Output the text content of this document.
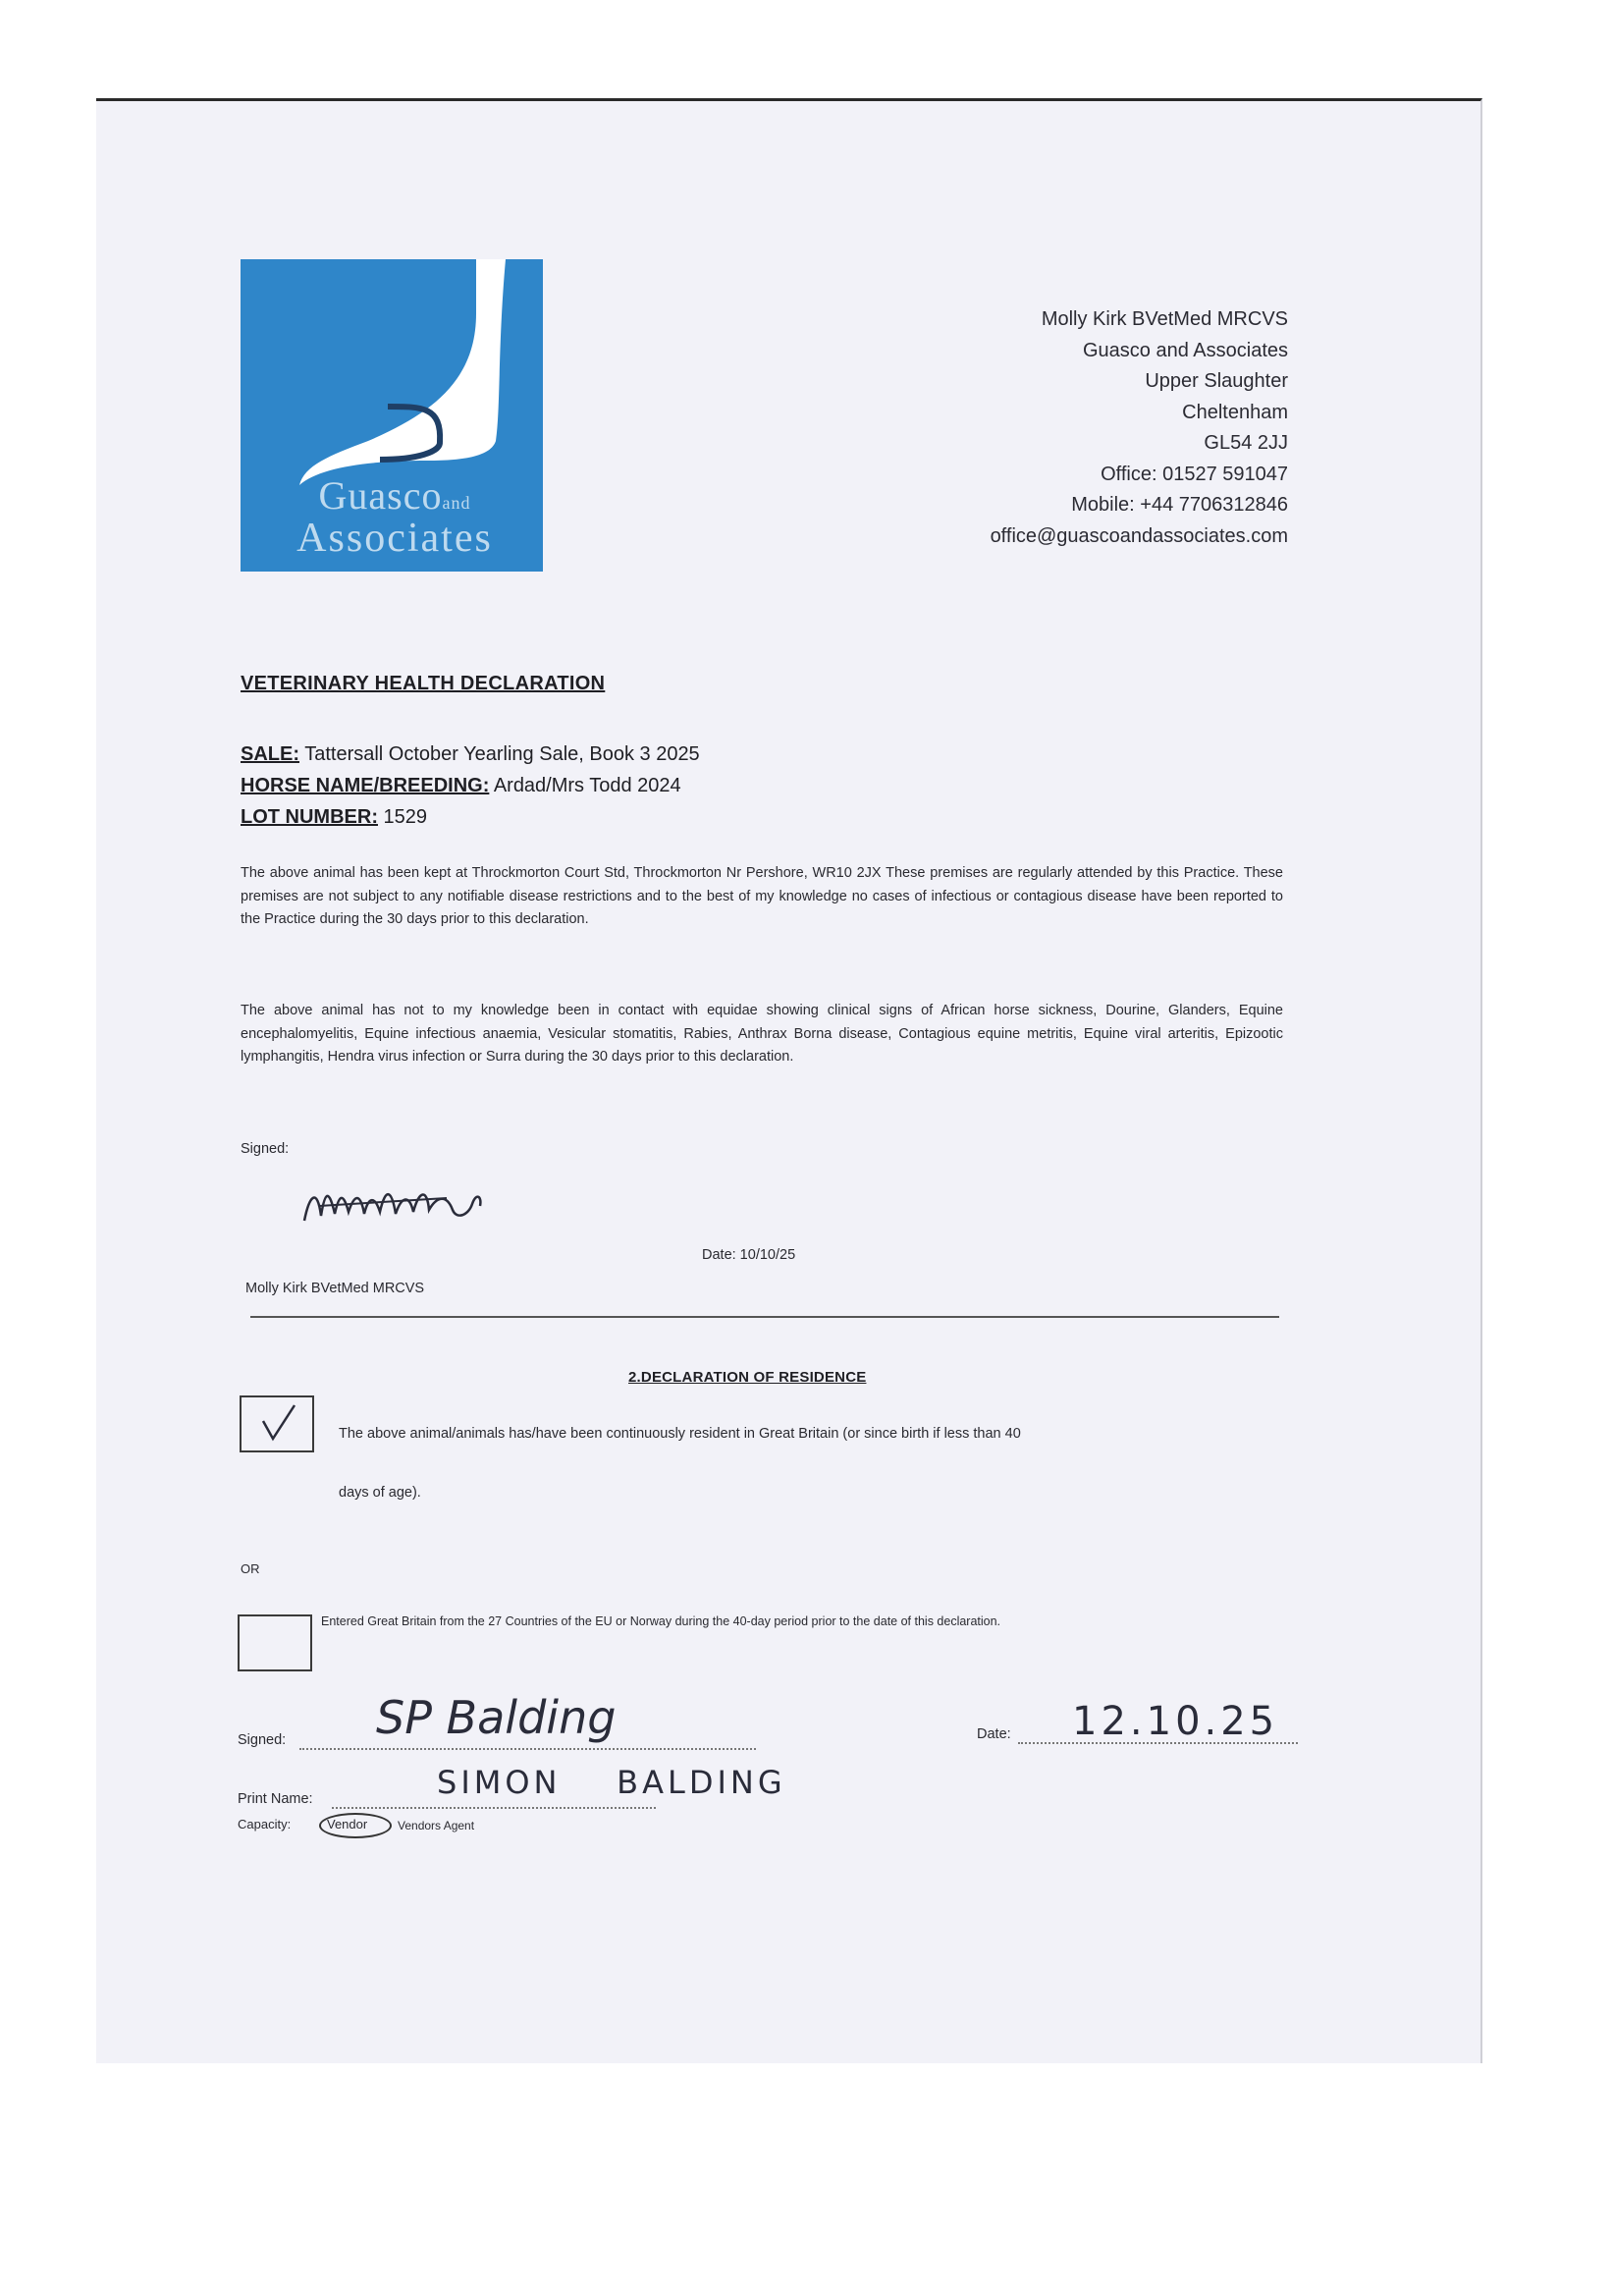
Guascoand
Associates
Molly Kirk BVetMed MRCVS
Guasco and Associates
Upper Slaughter
Cheltenham
GL54 2JJ
Office: 01527 591047
Mobile: +44 7706312846
office@guascoandassociates.com
VETERINARY HEALTH DECLARATION
SALE: Tattersall October Yearling Sale, Book 3 2025
HORSE NAME/BREEDING: Ardad/Mrs Todd 2024
LOT NUMBER: 1529
The above animal has been kept at Throckmorton Court Std, Throckmorton Nr Pershore, WR10 2JX These premises are regularly attended by this Practice. These premises are not subject to any notifiable disease restrictions and to the best of my knowledge no cases of infectious or contagious disease have been reported to the Practice during the 30 days prior to this declaration.
The above animal has not to my knowledge been in contact with equidae showing clinical signs of African horse sickness, Dourine, Glanders, Equine encephalomyelitis, Equine infectious anaemia, Vesicular stomatitis, Rabies, Anthrax Borna disease, Contagious equine metritis, Equine viral arteritis, Epizootic lymphangitis, Hendra virus infection or Surra during the 30 days prior to this declaration.
Signed:
Date: 10/10/25
Molly Kirk BVetMed MRCVS
2.DECLARATION OF RESIDENCE
The above animal/animals has/have been continuously resident in Great Britain (or since birth if less than 40
days of age).
OR
Entered Great Britain from the 27 Countries of the EU or Norway during the 40-day period prior to the date of this declaration.
Signed: SP Balding	Date: 12.10.25
Print Name:	SIMON    BALDING
Capacity:	Vendor	Vendors Agent
